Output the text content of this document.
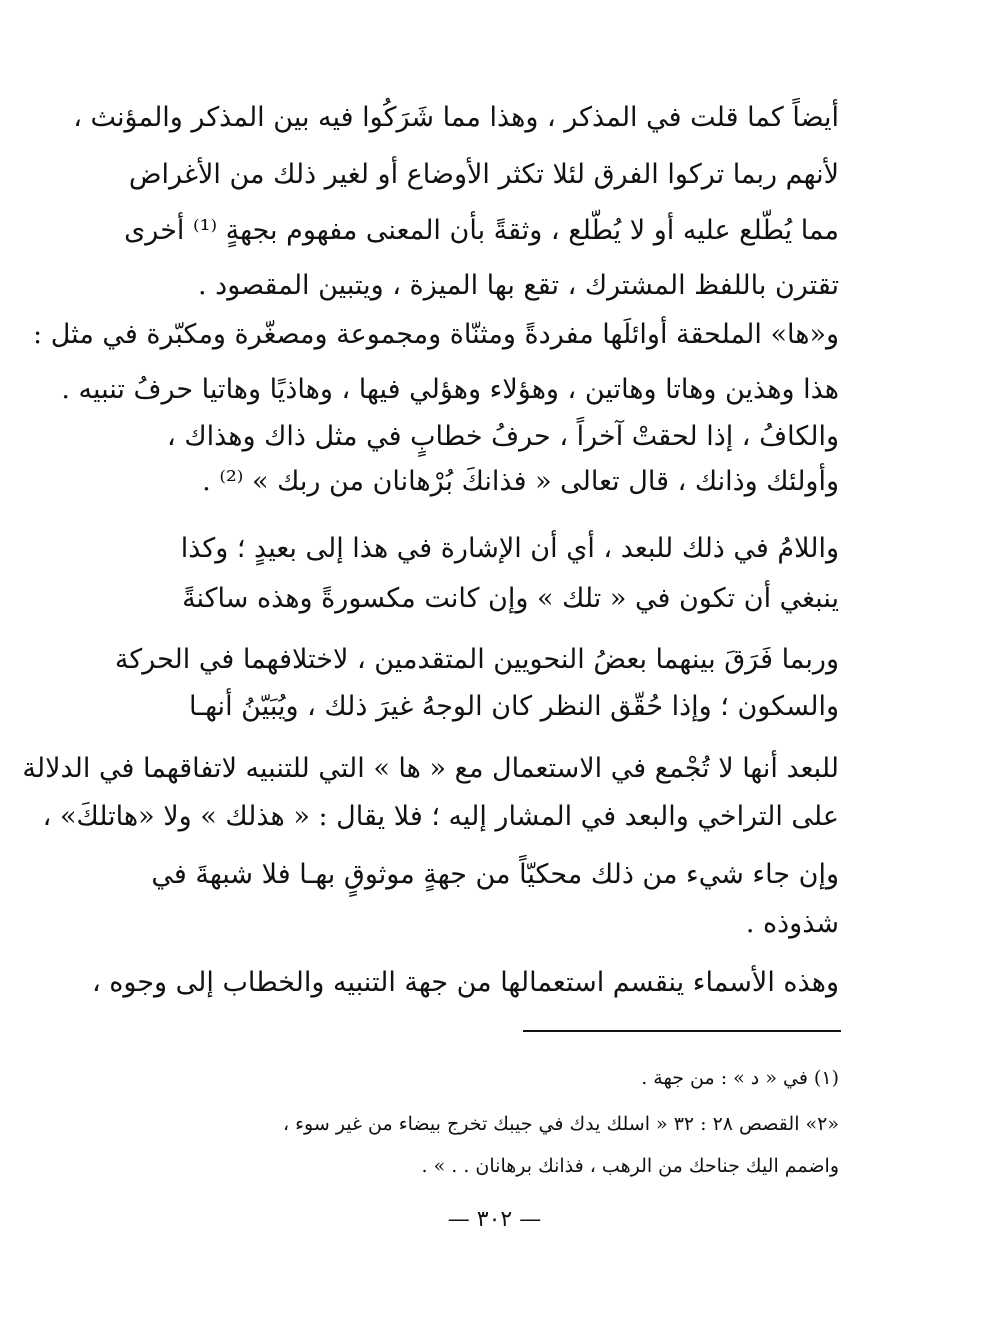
أيضاً كما قلت في المذكر ، وهذا مما شَرَكُوا فيه بين المذكر والمؤنث ،
لأنهم ربما تركوا الفرق لئلا تكثر الأوضاع أو لغير ذلك من الأغراض
مما يُطّلع عليه أو لا يُطّلع ، وثقةً بأن المعنى مفهوم بجهةٍ ⁽¹⁾ أخرى
تقترن باللفظ المشترك ، تقع بها الميزة ، ويتبين المقصود .
و«ها» الملحقة أوائلَها مفردةً ومثنّاة ومجموعة ومصغّرة ومكبّرة في مثل :
هذا وهذين وهاتا وهاتين ، وهؤلاء وهؤلي فيها ، وهاذيًا وهاتيا حرفُ تنبيه .
والكافُ ، إذا لحقتْ آخراً ، حرفُ خطابٍ في مثل ذاك وهذاك ،
وأولئك وذانك ، قال تعالى « فذانكَ بُرْهانان من ربك » ⁽²⁾ .
واللامُ في ذلك للبعد ، أي أن الإشارة في هذا إلى بعيدٍ ؛ وكذا
ينبغي أن تكون في « تلك » وإن كانت مكسورةً وهذه ساكنةً
وربما فَرَقَ بينهما بعضُ النحويين المتقدمين ، لاختلافهما في الحركة
والسكون ؛ وإذا حُقّق النظر كان الوجهُ غيرَ ذلك ، ويُبَيّنُ أنهـا
للبعد أنها لا تُجْمع في الاستعمال مع « ها » التي للتنبيه لاتفاقهما في الدلالة
على التراخي والبعد في المشار إليه ؛ فلا يقال : « هذلك » ولا «هاتلكَ» ،
وإن جاء شيء من ذلك محكيّاً من جهةٍ موثوقٍ بهـا فلا شبهةَ في
شذوذه .
وهذه الأسماء ينقسم استعمالها من جهة التنبيه والخطاب إلى وجوه ،
(١) في « د » : من جهة .
«٢» القصص ٢٨ : ٣٢ « اسلك يدك في جيبك تخرج بيضاء من غير سوء ،
واضمم اليك جناحك من الرهب ، فذانك برهانان . . » .
— ٣٠٢ —
